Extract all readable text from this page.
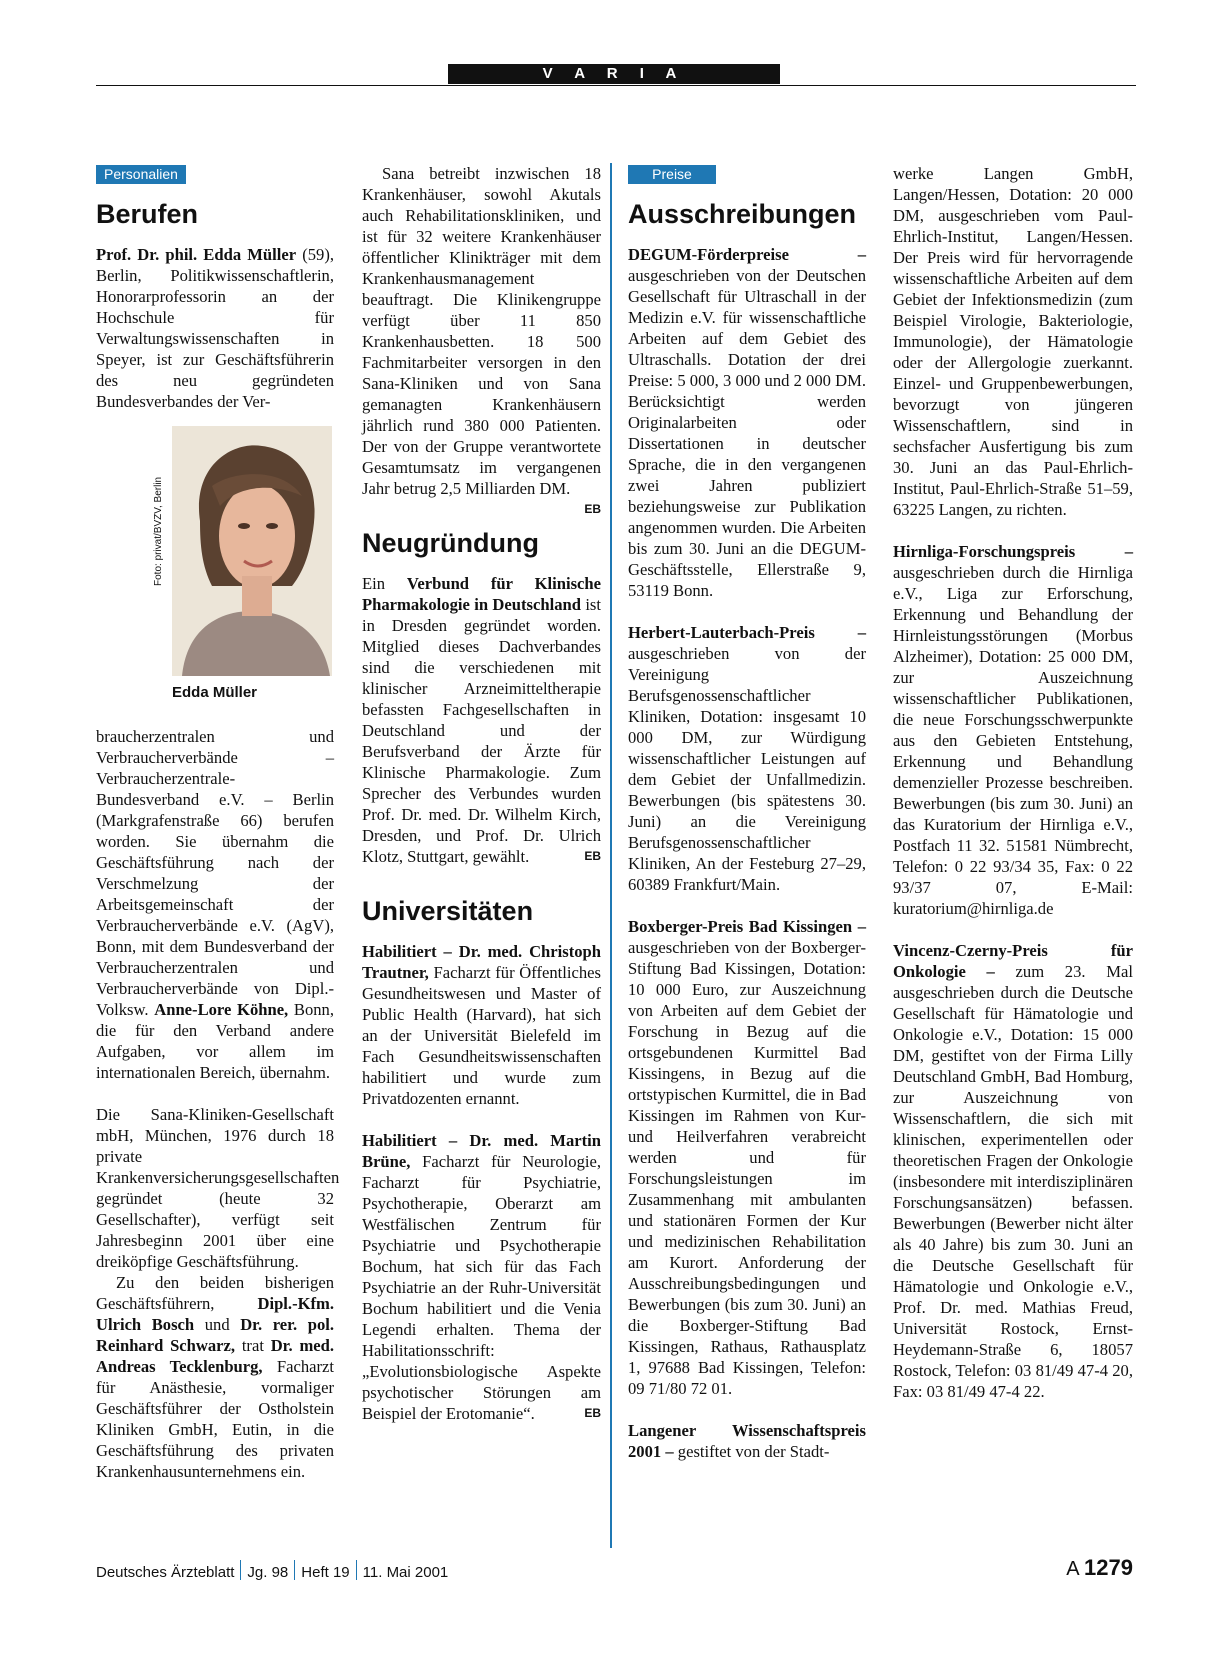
V A R I A
Personalien
Berufen

Prof. Dr. phil. Edda Müller (59), Berlin, Politikwissenschaftlerin, Honorarprofessorin an der Hochschule für Verwaltungswissenschaften in Speyer, ist zur Geschäftsführerin des neu gegründeten Bundesverbandes der Ver-

Foto: privat/BVZV, Berlin
Edda Müller

braucherzentralen und Verbraucherverbände – Verbraucherzentrale-Bundesverband e.V. – Berlin (Markgrafenstraße 66) berufen worden. Sie übernahm die Geschäftsführung nach der Verschmelzung der Arbeitsgemeinschaft der Verbraucherverbände e.V. (AgV), Bonn, mit dem Bundesverband der Verbraucherzentralen und Verbraucherverbände von Dipl.-Volksw. Anne-Lore Köhne, Bonn, die für den Verband andere Aufgaben, vor allem im internationalen Bereich, übernahm.

Die Sana-Kliniken-Gesellschaft mbH, München, 1976 durch 18 private Krankenversicherungsgesellschaften gegründet (heute 32 Gesellschafter), verfügt seit Jahresbeginn 2001 über eine dreiköpfige Geschäftsführung.

Zu den beiden bisherigen Geschäftsführern, Dipl.-Kfm. Ulrich Bosch und Dr. rer. pol. Reinhard Schwarz, trat Dr. med. Andreas Tecklenburg, Facharzt für Anästhesie, vormaliger Geschäftsführer der Ostholstein Kliniken GmbH, Eutin, in die Geschäftsführung des privaten Krankenhausunternehmens ein.

Sana betreibt inzwischen 18 Krankenhäuser, sowohl Akutals auch Rehabilitationskliniken, und ist für 32 weitere Krankenhäuser öffentlicher Klinikträger mit dem Krankenhausmanagement beauftragt. Die Klinikengruppe verfügt über 11 850 Krankenhausbetten. 18 500 Fachmitarbeiter versorgen in den Sana-Kliniken und von Sana gemanagten Krankenhäusern jährlich rund 380 000 Patienten. Der von der Gruppe verantwortete Gesamtumsatz im vergangenen Jahr betrug 2,5 Milliarden DM.
EB

Neugründung

Ein Verbund für Klinische Pharmakologie in Deutschland ist in Dresden gegründet worden. Mitglied dieses Dachverbandes sind die verschiedenen mit klinischer Arzneimitteltherapie befassten Fachgesellschaften in Deutschland und der Berufsverband der Ärzte für Klinische Pharmakologie. Zum Sprecher des Verbundes wurden Prof. Dr. med. Dr. Wilhelm Kirch, Dresden, und Prof. Dr. Ulrich Klotz, Stuttgart, gewählt.	EB

Universitäten

Habilitiert – Dr. med. Christoph Trautner, Facharzt für Öffentliches Gesundheitswesen und Master of Public Health (Harvard), hat sich an der Universität Bielefeld im Fach Gesundheitswissenschaften habilitiert und wurde zum Privatdozenten ernannt.

Habilitiert – Dr. med. Martin Brüne, Facharzt für Neurologie, Facharzt für Psychiatrie, Psychotherapie, Oberarzt am Westfälischen Zentrum für Psychiatrie und Psychotherapie Bochum, hat sich für das Fach Psychiatrie an der Ruhr-Universität Bochum habilitiert und die Venia Legendi erhalten. Thema der Habilitationsschrift: „Evolutionsbiologische Aspekte psychotischer Störungen am Beispiel der Erotomanie“.	EB

Preise
Ausschreibungen

DEGUM-Förderpreise – ausgeschrieben von der Deutschen Gesellschaft für Ultraschall in der Medizin e.V. für wissenschaftliche Arbeiten auf dem Gebiet des Ultraschalls. Dotation der drei Preise: 5 000, 3 000 und 2 000 DM. Berücksichtigt werden Originalarbeiten oder Dissertationen in deutscher Sprache, die in den vergangenen zwei Jahren publiziert beziehungsweise zur Publikation angenommen wurden. Die Arbeiten bis zum 30. Juni an die DEGUM-Geschäftsstelle, Ellerstraße 9, 53119 Bonn.

Herbert-Lauterbach-Preis – ausgeschrieben von der Vereinigung Berufsgenossenschaftlicher Kliniken, Dotation: insgesamt 10 000 DM, zur Würdigung wissenschaftlicher Leistungen auf dem Gebiet der Unfallmedizin. Bewerbungen (bis spätestens 30. Juni) an die Vereinigung Berufsgenossenschaftlicher Kliniken, An der Festeburg 27–29, 60389 Frankfurt/Main.

Boxberger-Preis Bad Kissingen – ausgeschrieben von der Boxberger-Stiftung Bad Kissingen, Dotation: 10 000 Euro, zur Auszeichnung von Arbeiten auf dem Gebiet der Forschung in Bezug auf die ortsgebundenen Kurmittel Bad Kissingens, in Bezug auf die ortstypischen Kurmittel, die in Bad Kissingen im Rahmen von Kur- und Heilverfahren verabreicht werden und für Forschungsleistungen im Zusammenhang mit ambulanten und stationären Formen der Kur und medizinischen Rehabilitation am Kurort. Anforderung der Ausschreibungsbedingungen und Bewerbungen (bis zum 30. Juni) an die Boxberger-Stiftung Bad Kissingen, Rathaus, Rathausplatz 1, 97688 Bad Kissingen, Telefon: 09 71/80 72 01.

Langener Wissenschaftspreis 2001 – gestiftet von der Stadt-

werke Langen GmbH, Langen/Hessen, Dotation: 20 000 DM, ausgeschrieben vom Paul-Ehrlich-Institut, Langen/Hessen. Der Preis wird für hervorragende wissenschaftliche Arbeiten auf dem Gebiet der Infektionsmedizin (zum Beispiel Virologie, Bakteriologie, Immunologie), der Hämatologie oder der Allergologie zuerkannt. Einzel- und Gruppenbewerbungen, bevorzugt von jüngeren Wissenschaftlern, sind in sechsfacher Ausfertigung bis zum 30. Juni an das Paul-Ehrlich-Institut, Paul-Ehrlich-Straße 51–59, 63225 Langen, zu richten.

Hirnliga-Forschungspreis – ausgeschrieben durch die Hirnliga e.V., Liga zur Erforschung, Erkennung und Behandlung der Hirnleistungsstörungen (Morbus Alzheimer), Dotation: 25 000 DM, zur Auszeichnung wissenschaftlicher Publikationen, die neue Forschungsschwerpunkte aus den Gebieten Entstehung, Erkennung und Behandlung demenzieller Prozesse beschreiben. Bewerbungen (bis zum 30. Juni) an das Kuratorium der Hirnliga e.V., Postfach 11 32. 51581 Nümbrecht, Telefon: 0 22 93/34 35, Fax: 0 22 93/37 07, E-Mail: kuratorium@hirnliga.de

Vincenz-Czerny-Preis für Onkologie – zum 23. Mal ausgeschrieben durch die Deutsche Gesellschaft für Hämatologie und Onkologie e.V., Dotation: 15 000 DM, gestiftet von der Firma Lilly Deutschland GmbH, Bad Homburg, zur Auszeichnung von Wissenschaftlern, die sich mit klinischen, experimentellen oder theoretischen Fragen der Onkologie (insbesondere mit interdisziplinären Forschungsansätzen) befassen. Bewerbungen (Bewerber nicht älter als 40 Jahre) bis zum 30. Juni an die Deutsche Gesellschaft für Hämatologie und Onkologie e.V., Prof. Dr. med. Mathias Freud, Universität Rostock, Ernst-Heydemann-Straße 6, 18057 Rostock, Telefon: 03 81/49 47-4 20, Fax: 03 81/49 47-4 22.

Deutsches Ärzteblatt Jg. 98 Heft 19 11. Mai 2001	A 1279
